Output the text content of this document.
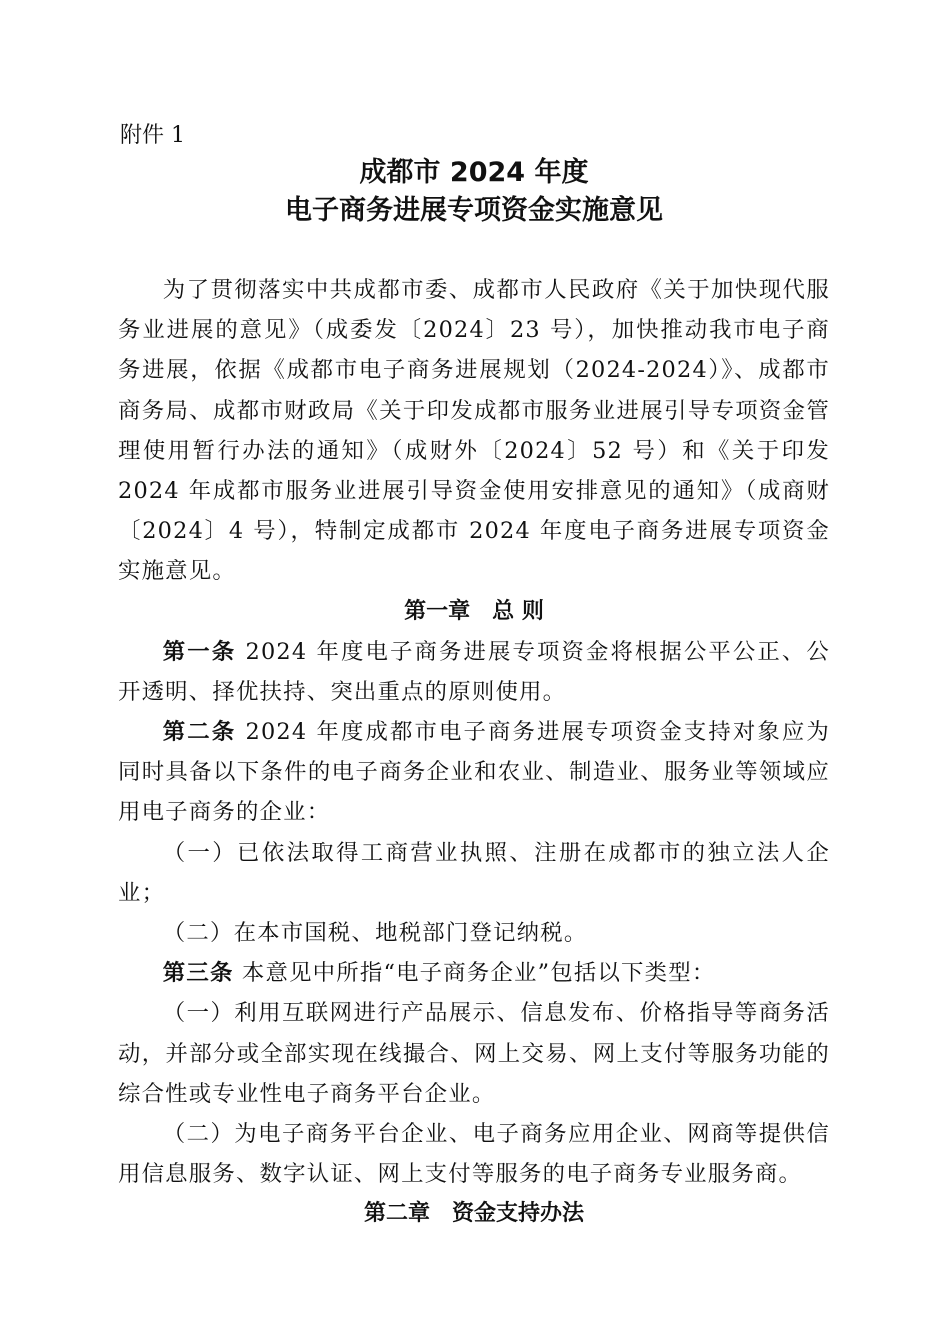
附件 1
成都市 2024 年度
电子商务进展专项资金实施意见

为了贯彻落实中共成都市委、成都市人民政府《关于加快现代服务业进展的意见》（成委发〔2024〕23 号），加快推动我市电子商务进展，依据《成都市电子商务进展规划（2024-2024）》、成都市商务局、成都市财政局《关于印发成都市服务业进展引导专项资金管理使用暂行办法的通知》（成财外〔2024〕52 号）和《关于印发 2024 年成都市服务业进展引导资金使用安排意见的通知》（成商财〔2024〕4 号），特制定成都市 2024 年度电子商务进展专项资金实施意见。

第一章　总 则

第一条 2024 年度电子商务进展专项资金将根据公平公正、公开透明、择优扶持、突出重点的原则使用。

第二条 2024 年度成都市电子商务进展专项资金支持对象应为同时具备以下条件的电子商务企业和农业、制造业、服务业等领域应用电子商务的企业：

（一）已依法取得工商营业执照、注册在成都市的独立法人企业；

（二）在本市国税、地税部门登记纳税。

第三条 本意见中所指“电子商务企业”包括以下类型：

（一）利用互联网进行产品展示、信息发布、价格指导等商务活动，并部分或全部实现在线撮合、网上交易、网上支付等服务功能的综合性或专业性电子商务平台企业。

（二）为电子商务平台企业、电子商务应用企业、网商等提供信用信息服务、数字认证、网上支付等服务的电子商务专业服务商。

第二章　资金支持办法
